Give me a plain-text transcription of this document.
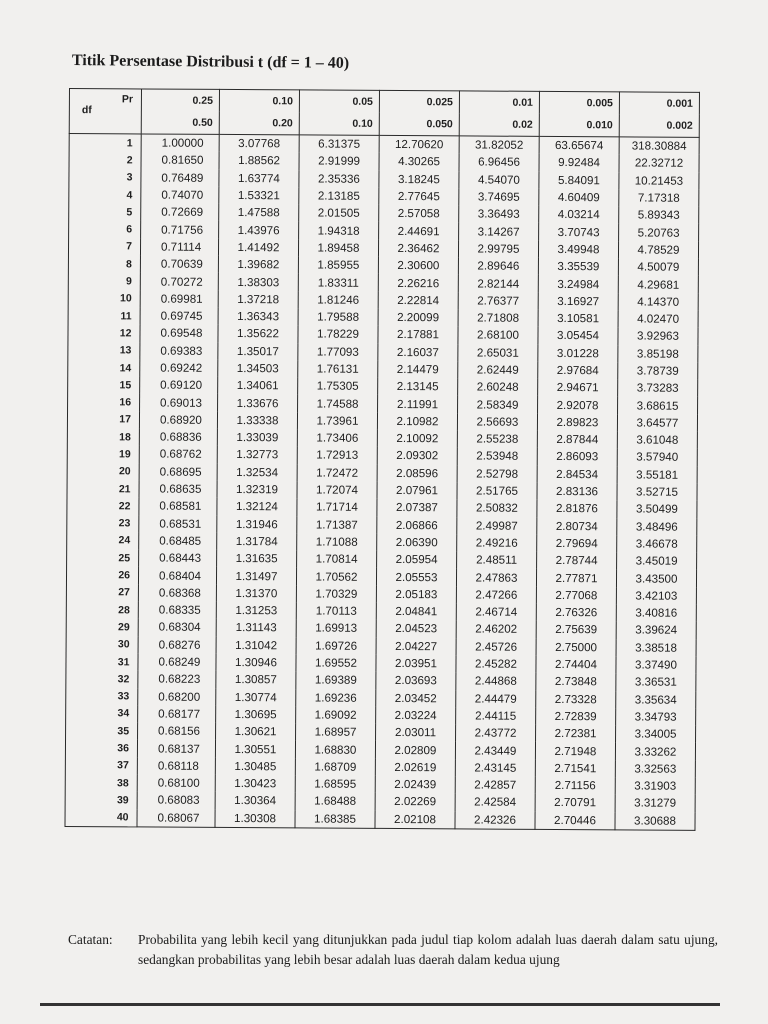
Titik Persentase Distribusi t (df = 1 – 40)
Pr
df	0.25	0.10	0.05	0.025	0.01	0.005	0.001
	0.50	0.20	0.10	0.050	0.02	0.010	0.002
1	1.00000	3.07768	6.31375	12.70620	31.82052	63.65674	318.30884
2	0.81650	1.88562	2.91999	4.30265	6.96456	9.92484	22.32712
3	0.76489	1.63774	2.35336	3.18245	4.54070	5.84091	10.21453
4	0.74070	1.53321	2.13185	2.77645	3.74695	4.60409	7.17318
5	0.72669	1.47588	2.01505	2.57058	3.36493	4.03214	5.89343
6	0.71756	1.43976	1.94318	2.44691	3.14267	3.70743	5.20763
7	0.71114	1.41492	1.89458	2.36462	2.99795	3.49948	4.78529
8	0.70639	1.39682	1.85955	2.30600	2.89646	3.35539	4.50079
9	0.70272	1.38303	1.83311	2.26216	2.82144	3.24984	4.29681
10	0.69981	1.37218	1.81246	2.22814	2.76377	3.16927	4.14370
11	0.69745	1.36343	1.79588	2.20099	2.71808	3.10581	4.02470
12	0.69548	1.35622	1.78229	2.17881	2.68100	3.05454	3.92963
13	0.69383	1.35017	1.77093	2.16037	2.65031	3.01228	3.85198
14	0.69242	1.34503	1.76131	2.14479	2.62449	2.97684	3.78739
15	0.69120	1.34061	1.75305	2.13145	2.60248	2.94671	3.73283
16	0.69013	1.33676	1.74588	2.11991	2.58349	2.92078	3.68615
17	0.68920	1.33338	1.73961	2.10982	2.56693	2.89823	3.64577
18	0.68836	1.33039	1.73406	2.10092	2.55238	2.87844	3.61048
19	0.68762	1.32773	1.72913	2.09302	2.53948	2.86093	3.57940
20	0.68695	1.32534	1.72472	2.08596	2.52798	2.84534	3.55181
21	0.68635	1.32319	1.72074	2.07961	2.51765	2.83136	3.52715
22	0.68581	1.32124	1.71714	2.07387	2.50832	2.81876	3.50499
23	0.68531	1.31946	1.71387	2.06866	2.49987	2.80734	3.48496
24	0.68485	1.31784	1.71088	2.06390	2.49216	2.79694	3.46678
25	0.68443	1.31635	1.70814	2.05954	2.48511	2.78744	3.45019
26	0.68404	1.31497	1.70562	2.05553	2.47863	2.77871	3.43500
27	0.68368	1.31370	1.70329	2.05183	2.47266	2.77068	3.42103
28	0.68335	1.31253	1.70113	2.04841	2.46714	2.76326	3.40816
29	0.68304	1.31143	1.69913	2.04523	2.46202	2.75639	3.39624
30	0.68276	1.31042	1.69726	2.04227	2.45726	2.75000	3.38518
31	0.68249	1.30946	1.69552	2.03951	2.45282	2.74404	3.37490
32	0.68223	1.30857	1.69389	2.03693	2.44868	2.73848	3.36531
33	0.68200	1.30774	1.69236	2.03452	2.44479	2.73328	3.35634
34	0.68177	1.30695	1.69092	2.03224	2.44115	2.72839	3.34793
35	0.68156	1.30621	1.68957	2.03011	2.43772	2.72381	3.34005
36	0.68137	1.30551	1.68830	2.02809	2.43449	2.71948	3.33262
37	0.68118	1.30485	1.68709	2.02619	2.43145	2.71541	3.32563
38	0.68100	1.30423	1.68595	2.02439	2.42857	2.71156	3.31903
39	0.68083	1.30364	1.68488	2.02269	2.42584	2.70791	3.31279
40	0.68067	1.30308	1.68385	2.02108	2.42326	2.70446	3.30688
Catatan: Probabilita yang lebih kecil yang ditunjukkan pada judul tiap kolom adalah luas daerah dalam satu ujung, sedangkan probabilitas yang lebih besar adalah luas daerah dalam kedua ujung
